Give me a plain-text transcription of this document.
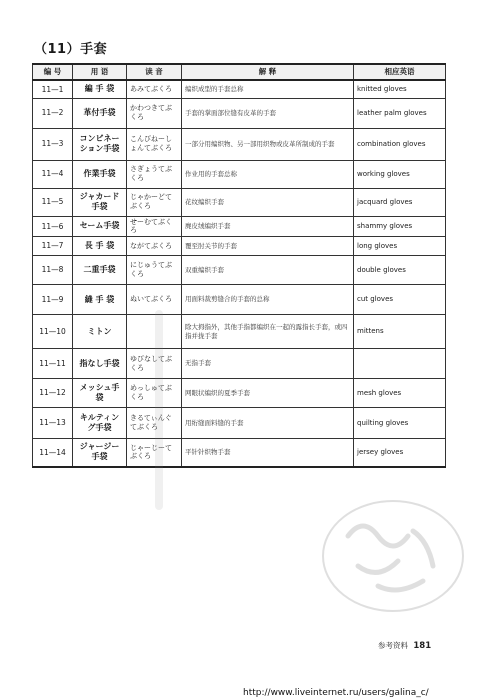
（11）手套
编 号	用 语	读 音	解 释	相应英语
11—1	編 手 袋	あみてぶくろ	编织成型的手套总称	knitted gloves
11—2	革付手袋	かわつきてぶくろ	手套的掌面部位缝有皮革的手套	leather palm gloves
11—3	コンビネーション手袋	こんびねーしょんてぶくろ	一部分用编织物、另一部用织物或皮革所制成的手套	combination gloves
11—4	作業手袋	さぎょうてぶくろ	作业用的手套总称	working gloves
11—5	ジャカード手袋	じゃかーどてぶくろ	花纹编织手套	jacquard gloves
11—6	セーム手袋	せーむてぶくろ	麂皮绒编织手套	shammy gloves
11—7	長 手 袋	ながてぶくろ	覆至肘关节的手套	long gloves
11—8	二重手袋	にじゅうてぶくろ	双重编织手套	double gloves
11—9	縫 手 袋	ぬいてぶくろ	用面料裁剪缝合的手套的总称	cut gloves
11—10	ミトン		除大拇指外，其他手指都编织在一起的露指长手套，或四指并拢手套	mittens
11—11	指なし手袋	ゆびなしてぶくろ	无指手套	
11—12	メッシュ手袋	めっしゅてぶくろ	网眼状编织的夏季手套	mesh gloves
11—13	キルティング手袋	きるてぃんぐてぶくろ	用绗缝面料缝的手套	quilting gloves
11—14	ジャージー手袋	じゃーじーてぶくろ	平针针织物手套	jersey gloves
参考资料 181
http://www.liveinternet.ru/users/galina_c/
